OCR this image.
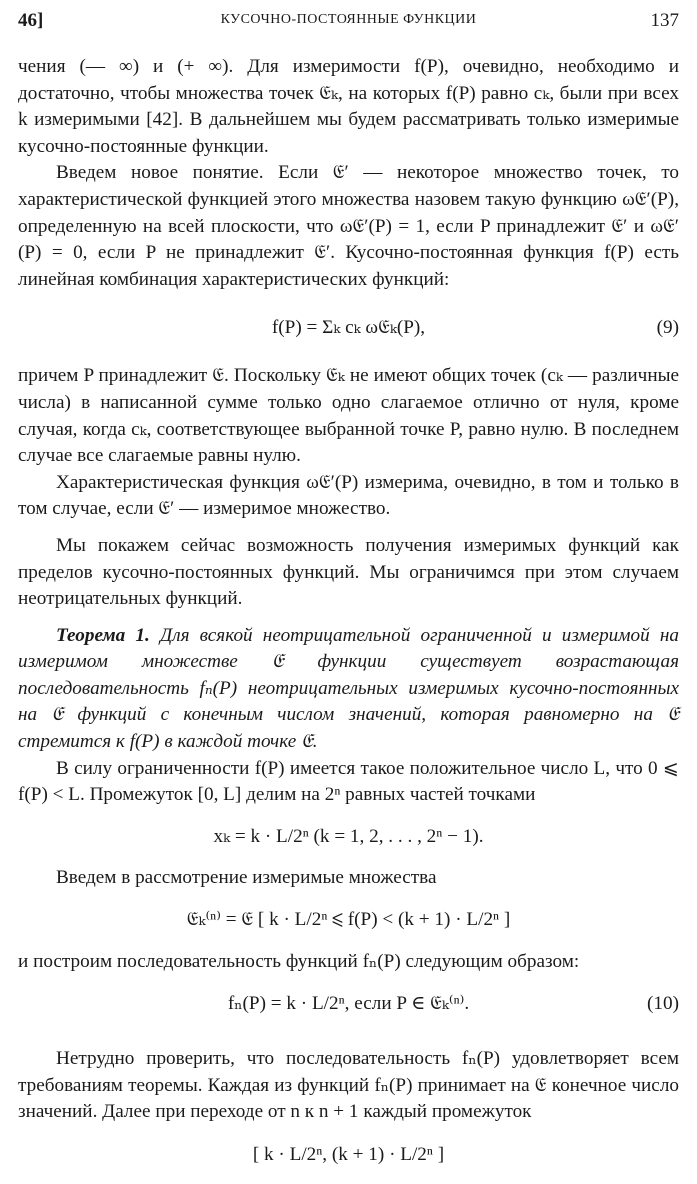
46]	КУСОЧНО-ПОСТОЯННЫЕ ФУНКЦИИ	137

чения (— ∞) и (+ ∞). Для измеримости f(P), очевидно, необходимо и достаточно, чтобы множества точек 𝔈ₖ, на которых f(P) равно cₖ, были при всех k измеримыми [42]. В дальнейшем мы будем рассматривать только измеримые кусочно-постоянные функции.

Введем новое понятие. Если 𝔈′ — некоторое множество точек, то характеристической функцией этого множества назовем такую функцию ω𝔈′(P), определенную на всей плоскости, что ω𝔈′(P) = 1, если P принадлежит 𝔈′ и ω𝔈′(P) = 0, если P не принадлежит 𝔈′. Кусочно-постоянная функция f(P) есть линейная комбинация характеристических функций:

f(P) = Σₖ cₖ ω𝔈ₖ(P),	(9)

причем P принадлежит 𝔈. Поскольку 𝔈ₖ не имеют общих точек (cₖ — различные числа) в написанной сумме только одно слагаемое отлично от нуля, кроме случая, когда cₖ, соответствующее выбранной точке P, равно нулю. В последнем случае все слагаемые равны нулю.

Характеристическая функция ω𝔈′(P) измерима, очевидно, в том и только в том случае, если 𝔈′ — измеримое множество.

Мы покажем сейчас возможность получения измеримых функций как пределов кусочно-постоянных функций. Мы ограничимся при этом случаем неотрицательных функций.

Теорема 1. Для всякой неотрицательной ограниченной и измеримой на измеримом множестве 𝔈 функции существует возрастающая последовательность fₙ(P) неотрицательных измеримых кусочно-постоянных на 𝔈 функций с конечным числом значений, которая равномерно на 𝔈 стремится к f(P) в каждой точке 𝔈.

В силу ограниченности f(P) имеется такое положительное число L, что 0 ⩽ f(P) < L. Промежуток [0, L] делим на 2ⁿ равных частей точками

xₖ = k · L/2ⁿ (k = 1, 2, . . . , 2ⁿ − 1).

Введем в рассмотрение измеримые множества

𝔈ₖ⁽ⁿ⁾ = 𝔈 [ k · L/2ⁿ ⩽ f(P) < (k + 1) · L/2ⁿ ]

и построим последовательность функций fₙ(P) следующим образом:

fₙ(P) = k · L/2ⁿ, если P ∈ 𝔈ₖ⁽ⁿ⁾.	(10)

Нетрудно проверить, что последовательность fₙ(P) удовлетворяет всем требованиям теоремы. Каждая из функций fₙ(P) принимает на 𝔈 конечное число значений. Далее при переходе от n к n + 1 каждый промежуток

[ k · L/2ⁿ, (k + 1) · L/2ⁿ ]
